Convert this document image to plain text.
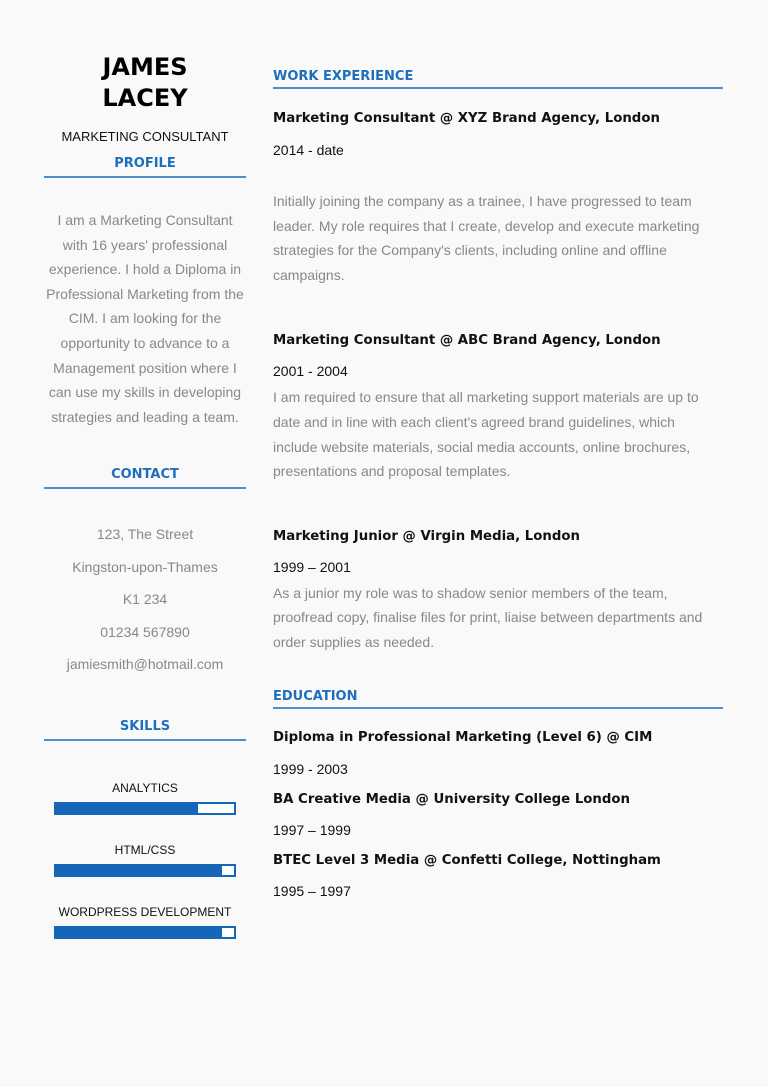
JAMES
LACEY
MARKETING CONSULTANT
PROFILE
I am a Marketing Consultant with 16 years' professional experience. I hold a Diploma in Professional Marketing from the CIM. I am looking for the opportunity to advance to a Management position where I can use my skills in developing strategies and leading a team.
CONTACT
123, The Street
Kingston-upon-Thames
K1 234
01234 567890
jamiesmith@hotmail.com
SKILLS
ANALYTICS
HTML/CSS
WORDPRESS DEVELOPMENT
WORK EXPERIENCE
Marketing Consultant @ XYZ Brand Agency, London
2014 - date
Initially joining the company as a trainee, I have progressed to team leader. My role requires that I create, develop and execute marketing strategies for the Company's clients, including online and offline campaigns.
Marketing Consultant @ ABC Brand Agency, London
2001 - 2004
I am required to ensure that all marketing support materials are up to date and in line with each client's agreed brand guidelines, which include website materials, social media accounts, online brochures, presentations and proposal templates.
Marketing Junior @ Virgin Media, London
1999 – 2001
As a junior my role was to shadow senior members of the team, proofread copy, finalise files for print, liaise between departments and order supplies as needed.
EDUCATION
Diploma in Professional Marketing (Level 6) @ CIM
1999 - 2003
BA Creative Media @ University College London
1997 – 1999
BTEC Level 3 Media @ Confetti College, Nottingham
1995 – 1997
